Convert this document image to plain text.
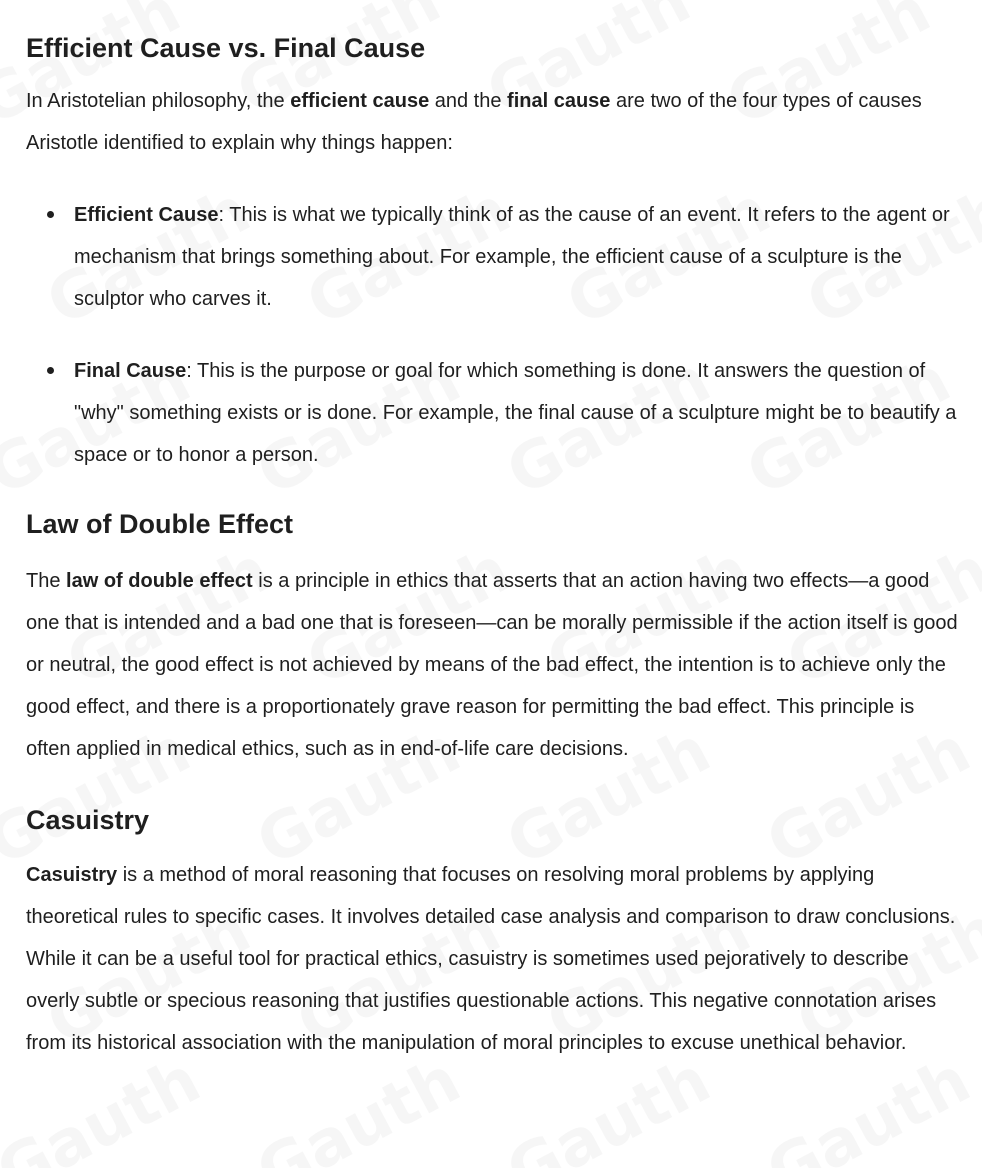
Efficient Cause vs. Final Cause

In Aristotelian philosophy, the efficient cause and the final cause are two of the four types of causes Aristotle identified to explain why things happen:

Efficient Cause: This is what we typically think of as the cause of an event. It refers to the agent or mechanism that brings something about. For example, the efficient cause of a sculpture is the sculptor who carves it.
Final Cause: This is the purpose or goal for which something is done. It answers the question of "why" something exists or is done. For example, the final cause of a sculpture might be to beautify a space or to honor a person.
Law of Double Effect

The law of double effect is a principle in ethics that asserts that an action having two effects—a good one that is intended and a bad one that is foreseen—can be morally permissible if the action itself is good or neutral, the good effect is not achieved by means of the bad effect, the intention is to achieve only the good effect, and there is a proportionately grave reason for permitting the bad effect. This principle is often applied in medical ethics, such as in end-of-life care decisions.

Casuistry

Casuistry is a method of moral reasoning that focuses on resolving moral problems by applying theoretical rules to specific cases. It involves detailed case analysis and comparison to draw conclusions. While it can be a useful tool for practical ethics, casuistry is sometimes used pejoratively to describe overly subtle or specious reasoning that justifies questionable actions. This negative connotation arises from its historical association with the manipulation of moral principles to excuse unethical behavior.
